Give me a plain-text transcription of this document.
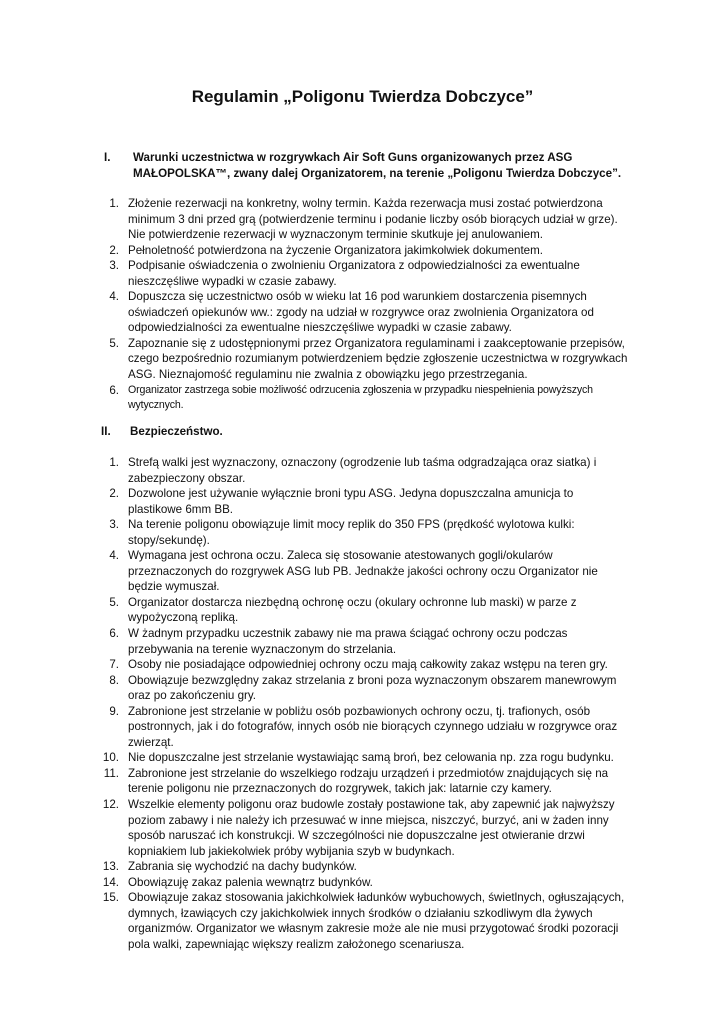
Regulamin „Poligonu Twierdza Dobczyce”
I. Warunki uczestnictwa w rozgrywkach Air Soft Guns organizowanych przez ASG MAŁOPOLSKA™, zwany dalej Organizatorem, na terenie „Poligonu Twierdza Dobczyce”.
1. Złożenie rezerwacji na konkretny, wolny termin. Każda rezerwacja musi zostać potwierdzona minimum 3 dni przed grą (potwierdzenie terminu i podanie liczby osób biorących udział w grze). Nie potwierdzenie rezerwacji w wyznaczonym terminie skutkuje jej anulowaniem.
2. Pełnoletność potwierdzona na życzenie Organizatora jakimkolwiek dokumentem.
3. Podpisanie oświadczenia o zwolnieniu Organizatora z odpowiedzialności za ewentualne nieszczęśliwe wypadki w czasie zabawy.
4. Dopuszcza się uczestnictwo osób w wieku lat 16 pod warunkiem dostarczenia pisemnych oświadczeń opiekunów ww.: zgody na udział w rozgrywce oraz zwolnienia Organizatora od odpowiedzialności za ewentualne nieszczęśliwe wypadki w czasie zabawy.
5. Zapoznanie się z udostępnionymi przez Organizatora regulaminami i zaakceptowanie przepisów, czego bezpośrednio rozumianym potwierdzeniem będzie zgłoszenie uczestnictwa w rozgrywkach ASG. Nieznajomość regulaminu nie zwalnia z obowiązku jego przestrzegania.
6. Organizator zastrzega sobie możliwość odrzucenia zgłoszenia w przypadku niespełnienia powyższych wytycznych.
II. Bezpieczeństwo.
1. Strefą walki jest wyznaczony, oznaczony (ogrodzenie lub taśma odgradzająca oraz siatka) i zabezpieczony obszar.
2. Dozwolone jest używanie wyłącznie broni typu ASG. Jedyna dopuszczalna amunicja to plastikowe 6mm BB.
3. Na terenie poligonu obowiązuje limit mocy replik do 350 FPS (prędkość wylotowa kulki: stopy/sekundę).
4. Wymagana jest ochrona oczu. Zaleca się stosowanie atestowanych gogli/okularów przeznaczonych do rozgrywek ASG lub PB. Jednakże jakości ochrony oczu Organizator nie będzie wymuszał.
5. Organizator dostarcza niezbędną ochronę oczu (okulary ochronne lub maski) w parze z wypożyczoną repliką.
6. W żadnym przypadku uczestnik zabawy nie ma prawa ściągać ochrony oczu podczas przebywania na terenie wyznaczonym do strzelania.
7. Osoby nie posiadające odpowiedniej ochrony oczu mają całkowity zakaz wstępu na teren gry.
8. Obowiązuje bezwzględny zakaz strzelania z broni poza wyznaczonym obszarem manewrowym oraz po zakończeniu gry.
9. Zabronione jest strzelanie w pobliżu osób pozbawionych ochrony oczu, tj. trafionych, osób postronnych, jak i do fotografów, innych osób nie biorących czynnego udziału w rozgrywce oraz zwierząt.
10. Nie dopuszczalne jest strzelanie wystawiając samą broń, bez celowania np. zza rogu budynku.
11. Zabronione jest strzelanie do wszelkiego rodzaju urządzeń i przedmiotów znajdujących się na terenie poligonu nie przeznaczonych do rozgrywek, takich jak: latarnie czy kamery.
12. Wszelkie elementy poligonu oraz budowle zostały postawione tak, aby zapewnić jak najwyższy poziom zabawy i nie należy ich przesuwać w inne miejsca, niszczyć, burzyć, ani w żaden inny sposób naruszać ich konstrukcji. W szczególności nie dopuszczalne jest otwieranie drzwi kopniakiem lub jakiekolwiek próby wybijania szyb w budynkach.
13. Zabrania się wychodzić na dachy budynków.
14. Obowiązuję zakaz palenia wewnątrz budynków.
15. Obowiązuje zakaz stosowania jakichkolwiek ładunków wybuchowych, świetlnych, ogłuszających, dymnych, łzawiących czy jakichkolwiek innych środków o działaniu szkodliwym dla żywych organizmów. Organizator we własnym zakresie może ale nie musi przygotować środki pozoracji pola walki, zapewniając większy realizm założonego scenariusza.
